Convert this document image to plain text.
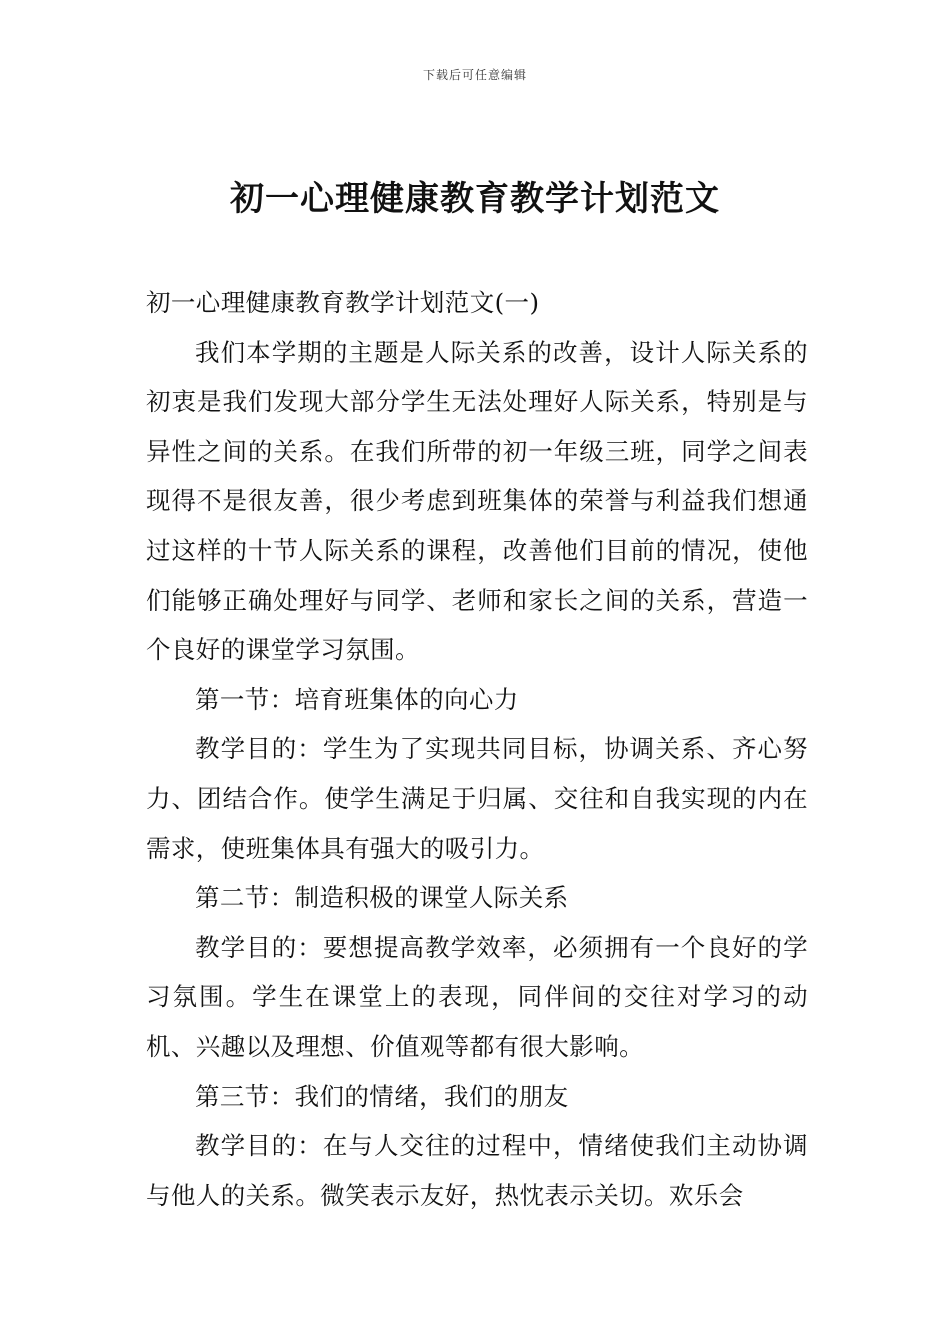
下载后可任意编辑
初一心理健康教育教学计划范文

初一心理健康教育教学计划范文(一)

我们本学期的主题是人际关系的改善，设计人际关系的初衷是我们发现大部分学生无法处理好人际关系，特别是与异性之间的关系。在我们所带的初一年级三班，同学之间表现得不是很友善，很少考虑到班集体的荣誉与利益我们想通过这样的十节人际关系的课程，改善他们目前的情况，使他们能够正确处理好与同学、老师和家长之间的关系，营造一个良好的课堂学习氛围。

第一节：培育班集体的向心力

教学目的：学生为了实现共同目标，协调关系、齐心努力、团结合作。使学生满足于归属、交往和自我实现的内在需求，使班集体具有强大的吸引力。

第二节：制造积极的课堂人际关系

教学目的：要想提高教学效率，必须拥有一个良好的学习氛围。学生在课堂上的表现，同伴间的交往对学习的动机、兴趣以及理想、价值观等都有很大影响。

第三节：我们的情绪，我们的朋友

教学目的：在与人交往的过程中，情绪使我们主动协调与他人的关系。微笑表示友好，热忱表示关切。欢乐会
